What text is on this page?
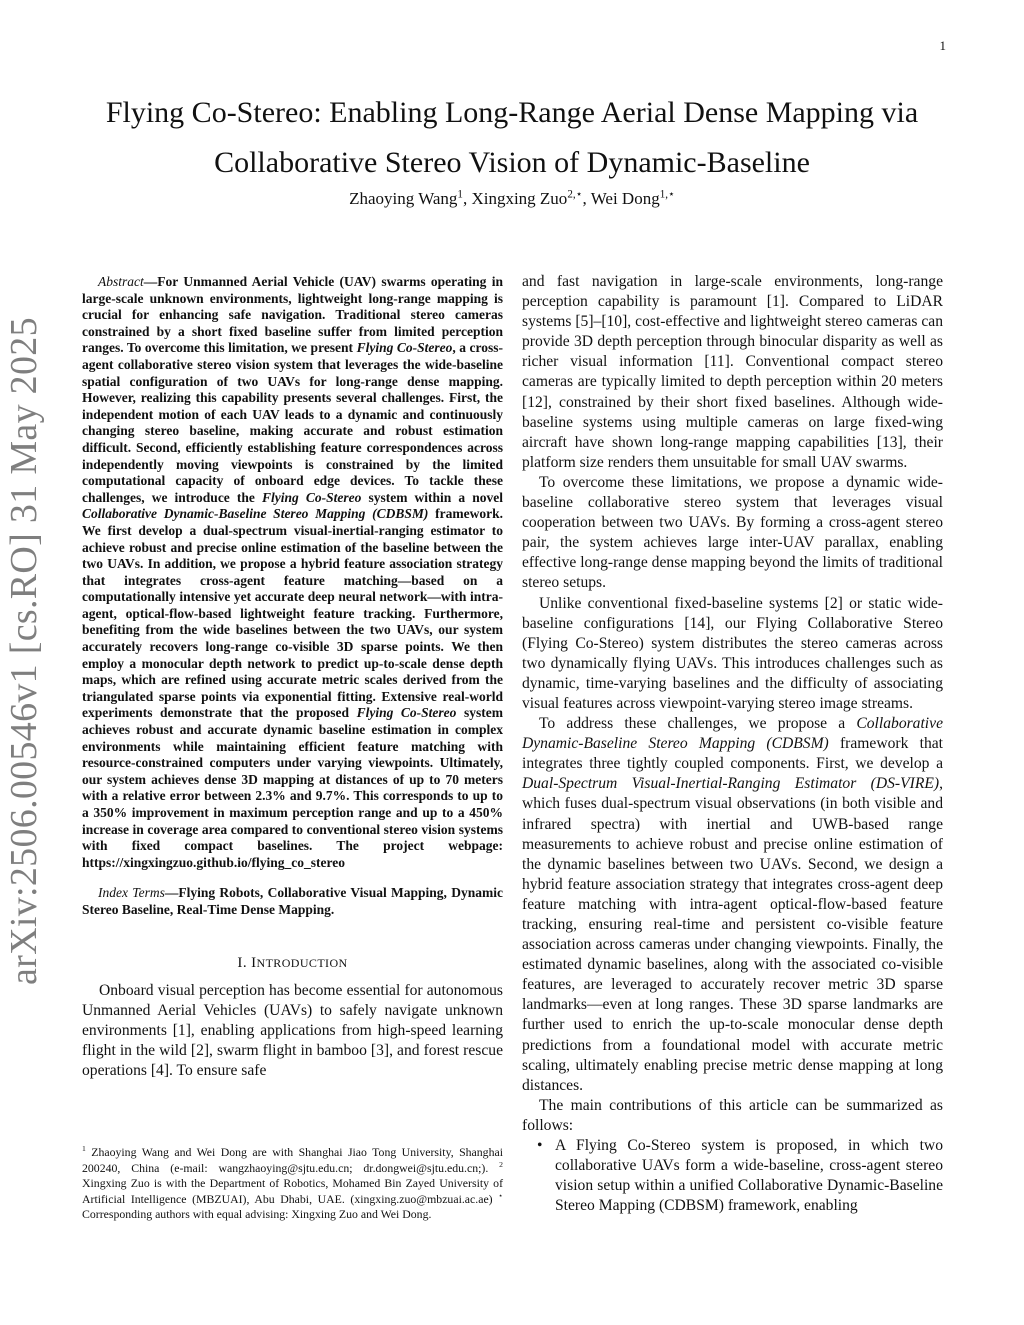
1
arXiv:2506.00546v1 [cs.RO] 31 May 2025
Flying Co-Stereo: Enabling Long-Range Aerial Dense Mapping via Collaborative Stereo Vision of Dynamic-Baseline
Zhaoying Wang$^1$, Xingxing Zuo$^{2,⋆}$, Wei Dong$^{1,⋆}$

Abstract—For Unmanned Aerial Vehicle (UAV) swarms operating in large-scale unknown environments, lightweight long-range mapping is crucial for enhancing safe navigation. Traditional stereo cameras constrained by a short fixed baseline suffer from limited perception ranges. To overcome this limitation, we present Flying Co-Stereo, a cross-agent collaborative stereo vision system that leverages the wide-baseline spatial configuration of two UAVs for long-range dense mapping. However, realizing this capability presents several challenges. First, the independent motion of each UAV leads to a dynamic and continuously changing stereo baseline, making accurate and robust estimation difficult. Second, efficiently establishing feature correspondences across independently moving viewpoints is constrained by the limited computational capacity of onboard edge devices. To tackle these challenges, we introduce the Flying Co-Stereo system within a novel Collaborative Dynamic-Baseline Stereo Mapping (CDBSM) framework. We first develop a dual-spectrum visual-inertial-ranging estimator to achieve robust and precise online estimation of the baseline between the two UAVs. In addition, we propose a hybrid feature association strategy that integrates cross-agent feature matching—based on a computationally intensive yet accurate deep neural network—with intra-agent, optical-flow-based lightweight feature tracking. Furthermore, benefiting from the wide baselines between the two UAVs, our system accurately recovers long-range co-visible 3D sparse points. We then employ a monocular depth network to predict up-to-scale dense depth maps, which are refined using accurate metric scales derived from the triangulated sparse points via exponential fitting. Extensive real-world experiments demonstrate that the proposed Flying Co-Stereo system achieves robust and accurate dynamic baseline estimation in complex environments while maintaining efficient feature matching with resource-constrained computers under varying viewpoints. Ultimately, our system achieves dense 3D mapping at distances of up to 70 meters with a relative error between 2.3% and 9.7%. This corresponds to up to a 350% improvement in maximum perception range and up to a 450% increase in coverage area compared to conventional stereo vision systems with fixed compact baselines. The project webpage: https://xingxingzuo.github.io/flying_co_stereo

Index Terms—Flying Robots, Collaborative Visual Mapping, Dynamic Stereo Baseline, Real-Time Dense Mapping.

I. INTRODUCTION

Onboard visual perception has become essential for autonomous Unmanned Aerial Vehicles (UAVs) to safely navigate unknown environments [1], enabling applications from high-speed learning flight in the wild [2], swarm flight in bamboo [3], and forest rescue operations [4]. To ensure safe

$^1$ Zhaoying Wang and Wei Dong are with Shanghai Jiao Tong University, Shanghai 200240, China (e-mail: wangzhaoying@sjtu.edu.cn; dr.dongwei@sjtu.edu.cn;). $^2$ Xingxing Zuo is with the Department of Robotics, Mohamed Bin Zayed University of Artificial Intelligence (MBZUAI), Abu Dhabi, UAE. (xingxing.zuo@mbzuai.ac.ae) ⋆ Corresponding authors with equal advising: Xingxing Zuo and Wei Dong.

and fast navigation in large-scale environments, long-range perception capability is paramount [1]. Compared to LiDAR systems [5]–[10], cost-effective and lightweight stereo cameras can provide 3D depth perception through binocular disparity as well as richer visual information [11]. Conventional compact stereo cameras are typically limited to depth perception within 20 meters [12], constrained by their short fixed baselines. Although wide-baseline systems using multiple cameras on large fixed-wing aircraft have shown long-range mapping capabilities [13], their platform size renders them unsuitable for small UAV swarms.

To overcome these limitations, we propose a dynamic wide-baseline collaborative stereo system that leverages visual cooperation between two UAVs. By forming a cross-agent stereo pair, the system achieves large inter-UAV parallax, enabling effective long-range dense mapping beyond the limits of traditional stereo setups.

Unlike conventional fixed-baseline systems [2] or static wide-baseline configurations [14], our Flying Collaborative Stereo (Flying Co-Stereo) system distributes the stereo cameras across two dynamically flying UAVs. This introduces challenges such as dynamic, time-varying baselines and the difficulty of associating visual features across viewpoint-varying stereo image streams.

To address these challenges, we propose a Collaborative Dynamic-Baseline Stereo Mapping (CDBSM) framework that integrates three tightly coupled components. First, we develop a Dual-Spectrum Visual-Inertial-Ranging Estimator (DS-VIRE), which fuses dual-spectrum visual observations (in both visible and infrared spectra) with inertial and UWB-based range measurements to achieve robust and precise online estimation of the dynamic baselines between two UAVs. Second, we design a hybrid feature association strategy that integrates cross-agent deep feature matching with intra-agent optical-flow-based feature tracking, ensuring real-time and persistent co-visible feature association across cameras under changing viewpoints. Finally, the estimated dynamic baselines, along with the associated co-visible features, are leveraged to accurately recover metric 3D sparse landmarks—even at long ranges. These 3D sparse landmarks are further used to enrich the up-to-scale monocular dense depth predictions from a foundational model with accurate metric scaling, ultimately enabling precise metric dense mapping at long distances.

The main contributions of this article can be summarized as follows:

• A Flying Co-Stereo system is proposed, in which two collaborative UAVs form a wide-baseline, cross-agent stereo vision setup within a unified Collaborative Dynamic-Baseline Stereo Mapping (CDBSM) framework, enabling
